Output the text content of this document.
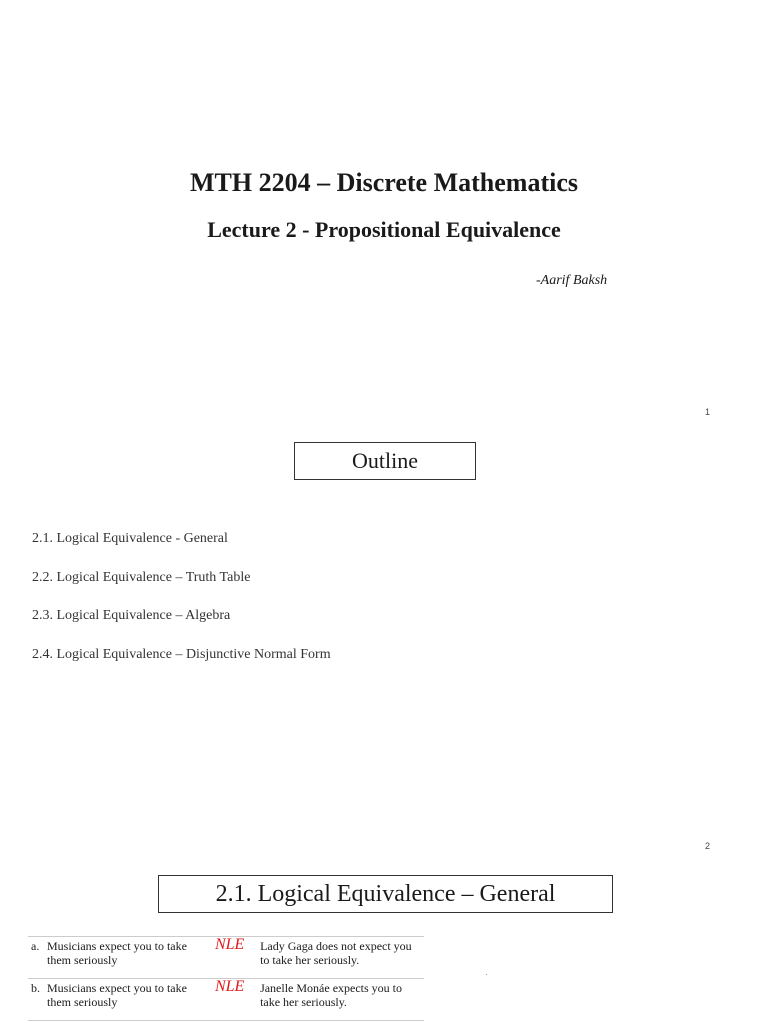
MTH 2204 – Discrete Mathematics
Lecture 2 - Propositional Equivalence
-Aarif Baksh
1
Outline
2.1. Logical Equivalence - General
2.2. Logical Equivalence – Truth Table
2.3. Logical Equivalence – Algebra
2.4. Logical Equivalence – Disjunctive Normal Form
2
2.1. Logical Equivalence – General
a. Musicians expect you to take them seriously	NLE	Lady Gaga does not expect you to take her seriously.
b. Musicians expect you to take them seriously	NLE	Janelle Monáe expects you to take her seriously.
